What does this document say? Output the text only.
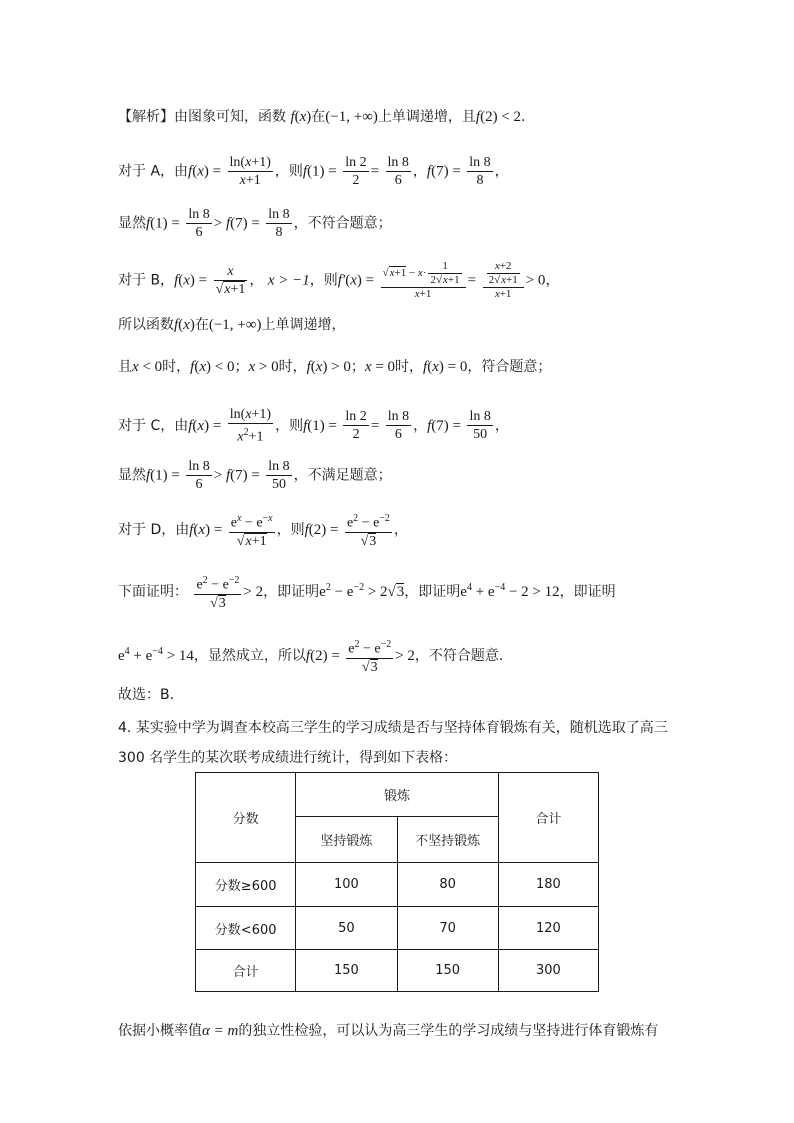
【解析】由图象可知，函数 f(x)在(−1, +∞)上单调递增，且f(2) < 2.
对于 A，由$f(x) = \frac{\ln(x+1)}{x+1}$ ，则$f(1) = \frac{\ln 2}{2} = \frac{\ln 8}{6}$ ，$f(7) = \frac{\ln 8}{8}$ ，
显然$f(1) = \frac{\ln 8}{6} > f(7) = \frac{\ln 8}{8}$ ，不符合题意；
对于 B，f(x) = x
√ x+1 ， x > −1，则f′(x) = √ $\frac{x+1 - x\cdot \frac{1}{2 √ x+1}}{x+1} = \frac{\frac{x+2}{2 √ x+1}}{x+1} > 0$，
所以函数f(x)在(−1, +∞)上单调递增，
且x < 0时，f(x) < 0；x > 0时，f(x) > 0；x = 0时，f(x) = 0，符合题意；
对于 C，由$f(x) = \frac{\ln(x+1)}{x^2+1}$ ，则$f(1) = \frac{\ln 2}{2} = \frac{\ln 8}{6}$ ，$f(7) = \frac{\ln 8}{50}$ ，
显然$f(1) = \frac{\ln 8}{6} > f(7) = \frac{\ln 8}{50}$ ，不满足题意；
对于 D，由$f(x) = e^x - e^{-x}$
√ x+1 ，则$f(2) = e^2 - e^{-2}$
√ 3 ，
下面证明： $e^2 - e^{-2}$
√ 3 > 2，即证明$e^2 - e^{-2} > 2$ √ 3，即证明$e^4 + e^{-4} - 2 > 12$，即证明
$e^4 + e^{-4} > 14$，显然成立，所以$f(2) = e^2 - e^{-2}$
√ 3 > 2，不符合题意.
故选：B.
4. 某实验中学为调查本校高三学生的学习成绩是否与坚持体育锻炼有关，随机选取了高三
300 名学生的某次联考成绩进行统计，得到如下表格：
分数	锻炼		合计
	坚持锻炼	不坚持锻炼	
分数≥600	100	80	180
分数<600	50	70	120
合计	150	150	300
依据小概率值α = m的独立性检验，可以认为高三学生的学习成绩与坚持进行体育锻炼有
